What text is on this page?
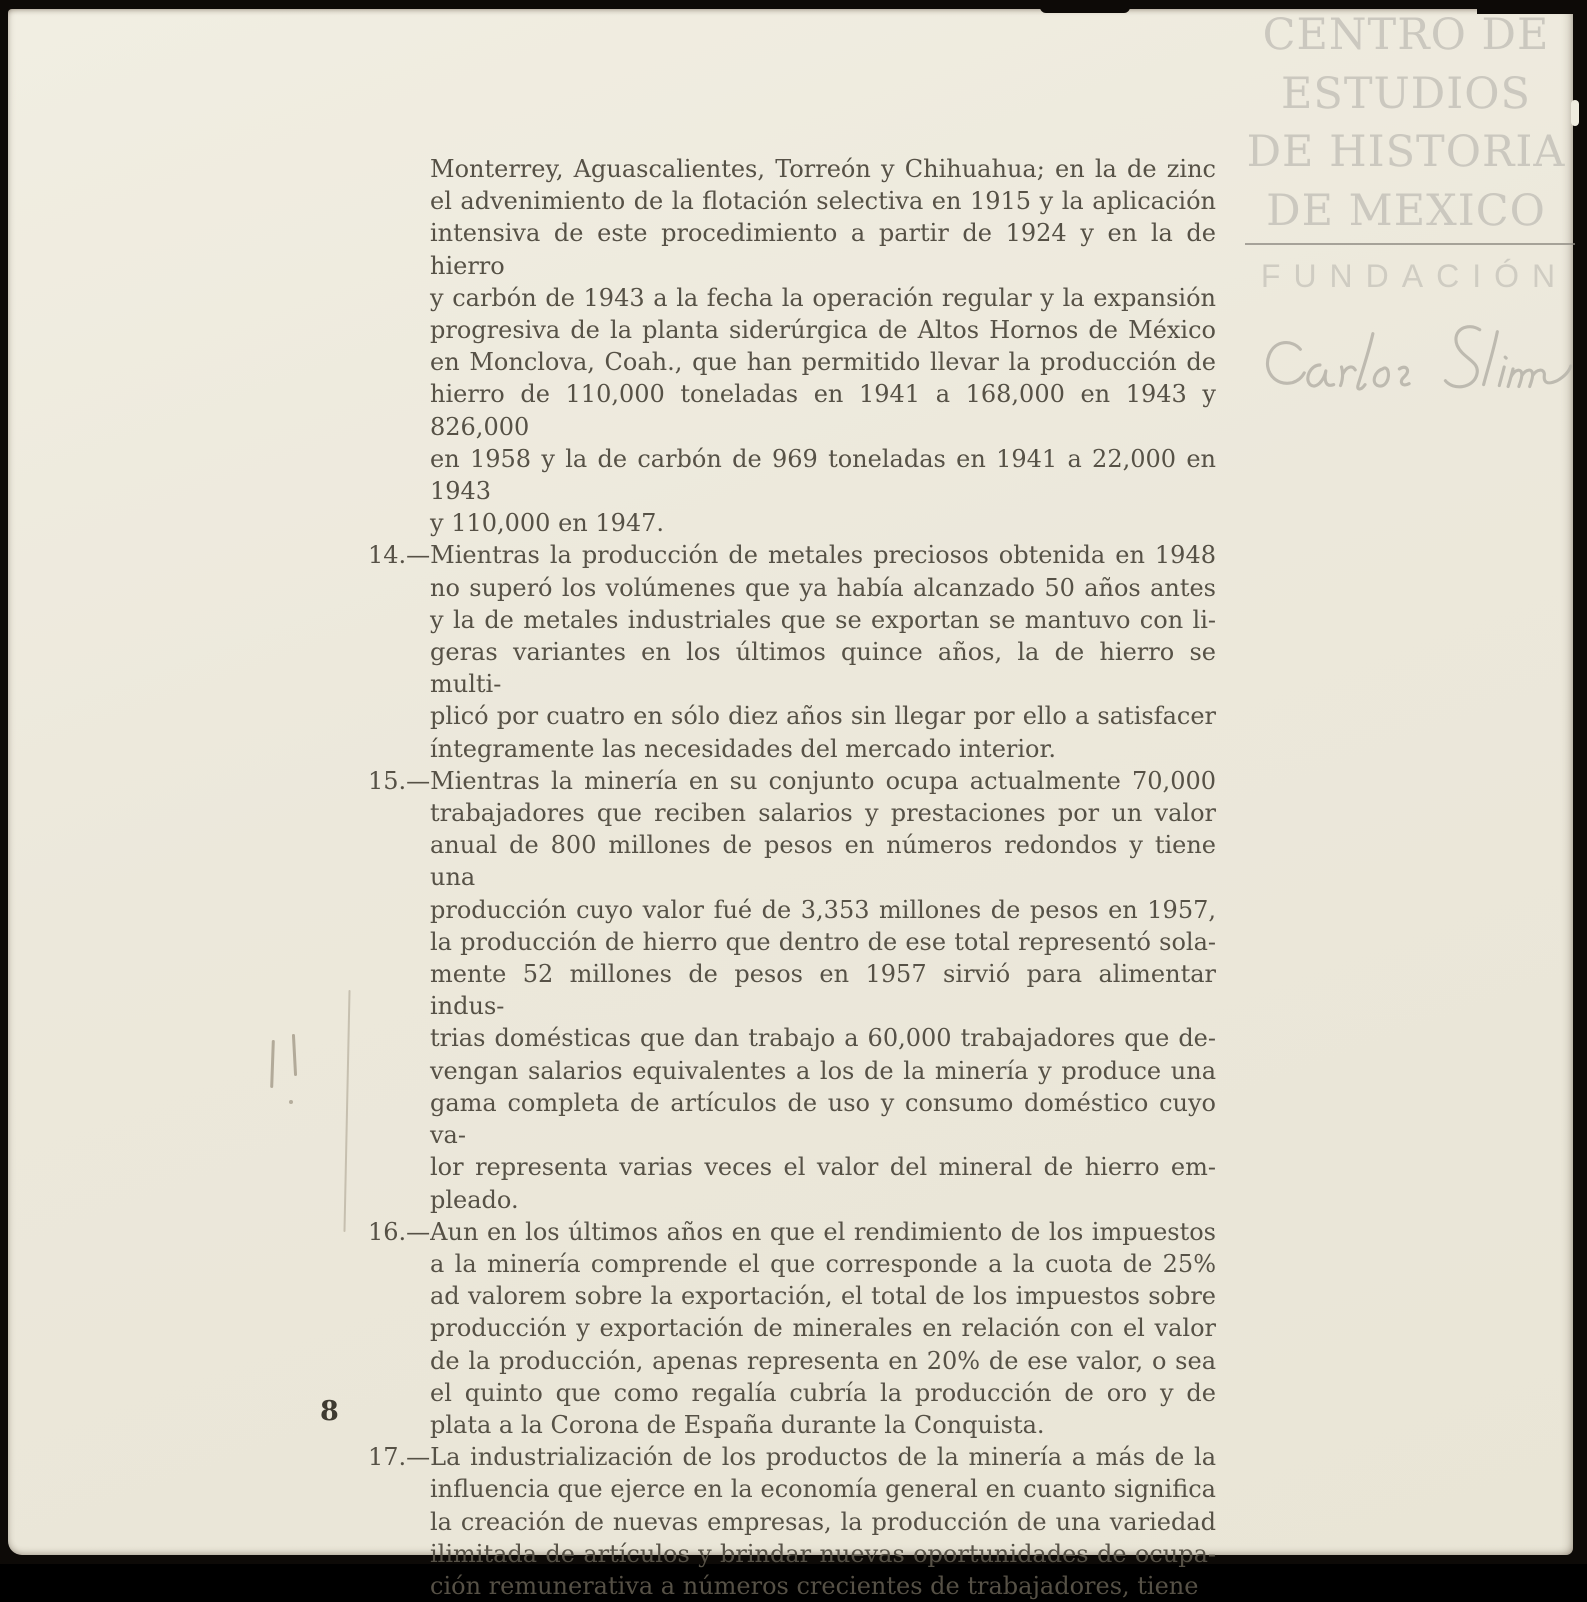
CENTRO DE
ESTUDIOS
DE HISTORIA
DE MEXICO
FUNDACIÓN
Monterrey, Aguascalientes, Torreón y Chihuahua; en la de zinc
el advenimiento de la flotación selectiva en 1915 y la aplicación
intensiva de este procedimiento a partir de 1924 y en la de hierro
y carbón de 1943 a la fecha la operación regular y la expansión
progresiva de la planta siderúrgica de Altos Hornos de México
en Monclova, Coah., que han permitido llevar la producción de
hierro de 110,000 toneladas en 1941 a 168,000 en 1943 y 826,000
en 1958 y la de carbón de 969 toneladas en 1941 a 22,000 en 1943
y 110,000 en 1947.
14.—Mientras la producción de metales preciosos obtenida en 1948
no superó los volúmenes que ya había alcanzado 50 años antes
y la de metales industriales que se exportan se mantuvo con li-
geras variantes en los últimos quince años, la de hierro se multi-
plicó por cuatro en sólo diez años sin llegar por ello a satisfacer
íntegramente las necesidades del mercado interior.
15.—Mientras la minería en su conjunto ocupa actualmente 70,000
trabajadores que reciben salarios y prestaciones por un valor
anual de 800 millones de pesos en números redondos y tiene una
producción cuyo valor fué de 3,353 millones de pesos en 1957,
la producción de hierro que dentro de ese total representó sola-
mente 52 millones de pesos en 1957 sirvió para alimentar indus-
trias domésticas que dan trabajo a 60,000 trabajadores que de-
vengan salarios equivalentes a los de la minería y produce una
gama completa de artículos de uso y consumo doméstico cuyo va-
lor representa varias veces el valor del mineral de hierro em-
pleado.
16.—Aun en los últimos años en que el rendimiento de los impuestos
a la minería comprende el que corresponde a la cuota de 25%
ad valorem sobre la exportación, el total de los impuestos sobre
producción y exportación de minerales en relación con el valor
de la producción, apenas representa en 20% de ese valor, o sea
el quinto que como regalía cubría la producción de oro y de
plata a la Corona de España durante la Conquista.
17.—La industrialización de los productos de la minería a más de la
influencia que ejerce en la economía general en cuanto significa
la creación de nuevas empresas, la producción de una variedad
ilimitada de artículos y brindar nuevas oportunidades de ocupa-
ción remunerativa a números crecientes de trabajadores, tiene
8
